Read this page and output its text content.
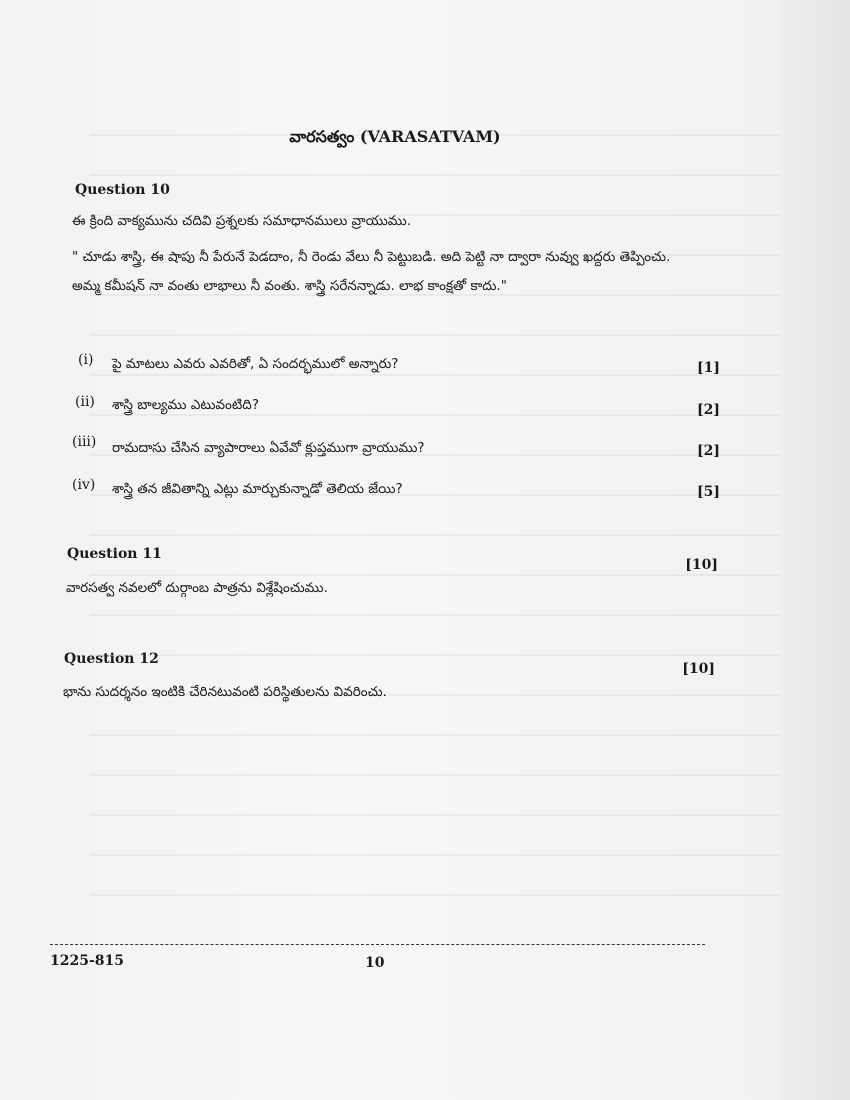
వారసత్వం (VARASATVAM)
Question 10
ఈ క్రింది వాక్యమును చదివి ప్రశ్నలకు సమాధానములు వ్రాయుము.
" చూడు శాస్త్రి, ఈ షాపు నీ పేరునే పెడదాం, నీ రెండు వేలు నీ పెట్టుబడి. అది పెట్టి నా ద్వారా నువ్వు ఖద్దరు తెప్పించు. అమ్మ కమీషన్ నా వంతు లాభాలు నీ వంతు. శాస్త్రి సరేనన్నాడు. లాభ కాంక్షతో కాదు."
(i) పై మాటలు ఎవరు ఎవరితో, ఏ సందర్భములో అన్నారు?	[1]
(ii) శాస్త్రి బాల్యము ఎటువంటిది?	[2]
(iii) రామదాసు చేసిన వ్యాపారాలు ఏవేవో క్లుప్తముగా వ్రాయుము?	[2]
(iv) శాస్త్రి తన జీవితాన్ని ఎట్లు మార్చుకున్నాడో తెలియ జేయి?	[5]
Question 11
[10]
వారసత్వ నవలలో దుర్గాంబ పాత్రను విశ్లేషించుము.
Question 12
[10]
భాను సుదర్శనం ఇంటికి చేరినటువంటి పరిస్థితులను వివరించు.
1225-815	10
